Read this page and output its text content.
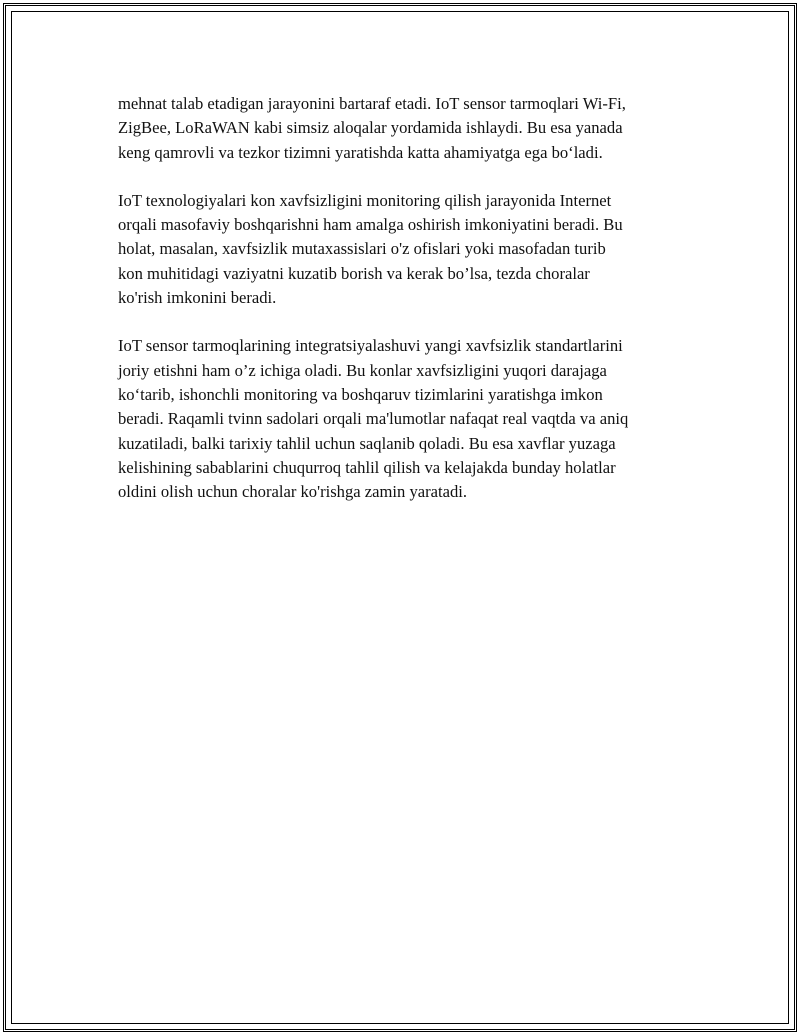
mehnat talab etadigan jarayonini bartaraf etadi. IoT sensor tarmoqlari Wi-Fi,
ZigBee, LoRaWAN kabi simsiz aloqalar yordamida ishlaydi. Bu esa yanada
keng qamrovli va tezkor tizimni yaratishda katta ahamiyatga ega bo‘ladi.

IoT texnologiyalari kon xavfsizligini monitoring qilish jarayonida Internet
orqali masofaviy boshqarishni ham amalga oshirish imkoniyatini beradi. Bu
holat, masalan, xavfsizlik mutaxassislari o'z ofislari yoki masofadan turib
kon muhitidagi vaziyatni kuzatib borish va kerak bo’lsa, tezda choralar
ko'rish imkonini beradi.

IoT sensor tarmoqlarining integratsiyalashuvi yangi xavfsizlik standartlarini
joriy etishni ham o’z ichiga oladi. Bu konlar xavfsizligini yuqori darajaga
ko‘tarib, ishonchli monitoring va boshqaruv tizimlarini yaratishga imkon
beradi. Raqamli tvinn sadolari orqali ma'lumotlar nafaqat real vaqtda va aniq
kuzatiladi, balki tarixiy tahlil uchun saqlanib qoladi. Bu esa xavflar yuzaga
kelishining sabablarini chuqurroq tahlil qilish va kelajakda bunday holatlar
oldini olish uchun choralar ko'rishga zamin yaratadi.
